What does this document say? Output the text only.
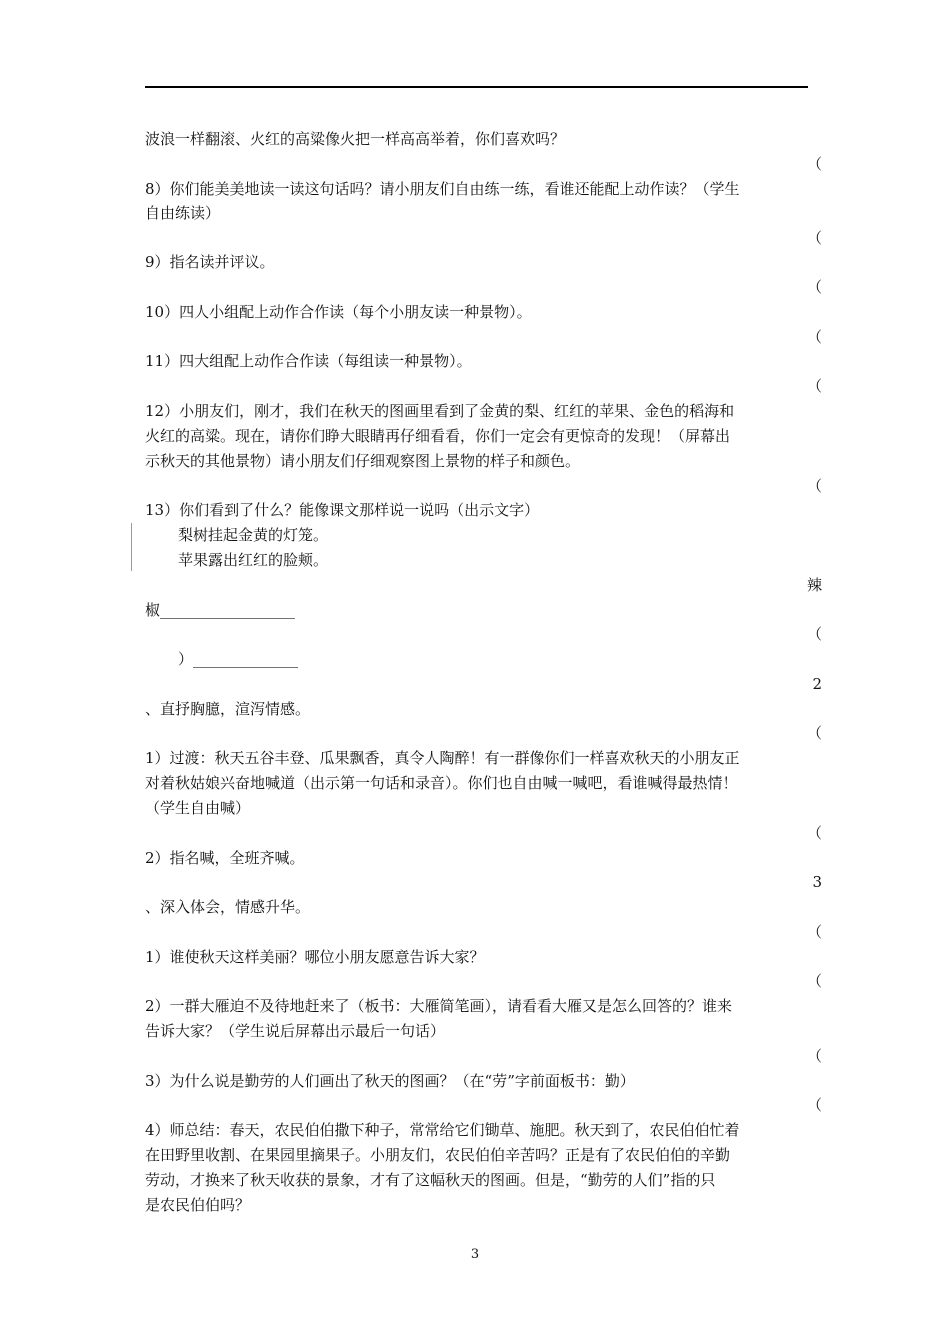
波浪一样翻滚、火红的高粱像火把一样高高举着，你们喜欢吗？
8）你们能美美地读一读这句话吗？请小朋友们自由练一练，看谁还能配上动作读？（学生
自由练读）
9）指名读并评议。
10）四人小组配上动作合作读（每个小朋友读一种景物）。
11）四大组配上动作合作读（每组读一种景物）。
12）小朋友们，刚才，我们在秋天的图画里看到了金黄的梨、红红的苹果、金色的稻海和
火红的高粱。现在，请你们睁大眼睛再仔细看看，你们一定会有更惊奇的发现！（屏幕出
示秋天的其他景物）请小朋友们仔细观察图上景物的样子和颜色。
13）你们看到了什么？能像课文那样说一说吗（出示文字）
梨树挂起金黄的灯笼。
苹果露出红红的脸颊。
椒__________________
）______________
、直抒胸臆，渲泻情感。
1）过渡：秋天五谷丰登、瓜果飘香，真令人陶醉！有一群像你们一样喜欢秋天的小朋友正
对着秋姑娘兴奋地喊道（出示第一句话和录音）。你们也自由喊一喊吧，看谁喊得最热情！
（学生自由喊）
2）指名喊，全班齐喊。
、深入体会，情感升华。
1）谁使秋天这样美丽？哪位小朋友愿意告诉大家？
2）一群大雁迫不及待地赶来了（板书：大雁简笔画），请看看大雁又是怎么回答的？谁来
告诉大家？（学生说后屏幕出示最后一句话）
3）为什么说是勤劳的人们画出了秋天的图画？（在“劳”字前面板书：勤）
4）师总结：春天，农民伯伯撒下种子，常常给它们锄草、施肥。秋天到了，农民伯伯忙着
在田野里收割、在果园里摘果子。小朋友们，农民伯伯辛苦吗？正是有了农民伯伯的辛勤
劳动，才换来了秋天收获的景象，才有了这幅秋天的图画。但是，“勤劳的人们”指的只
是农民伯伯吗？
（
（
（
（
（
（
辣
（
2
（
（
3
（
（
（
（
3
